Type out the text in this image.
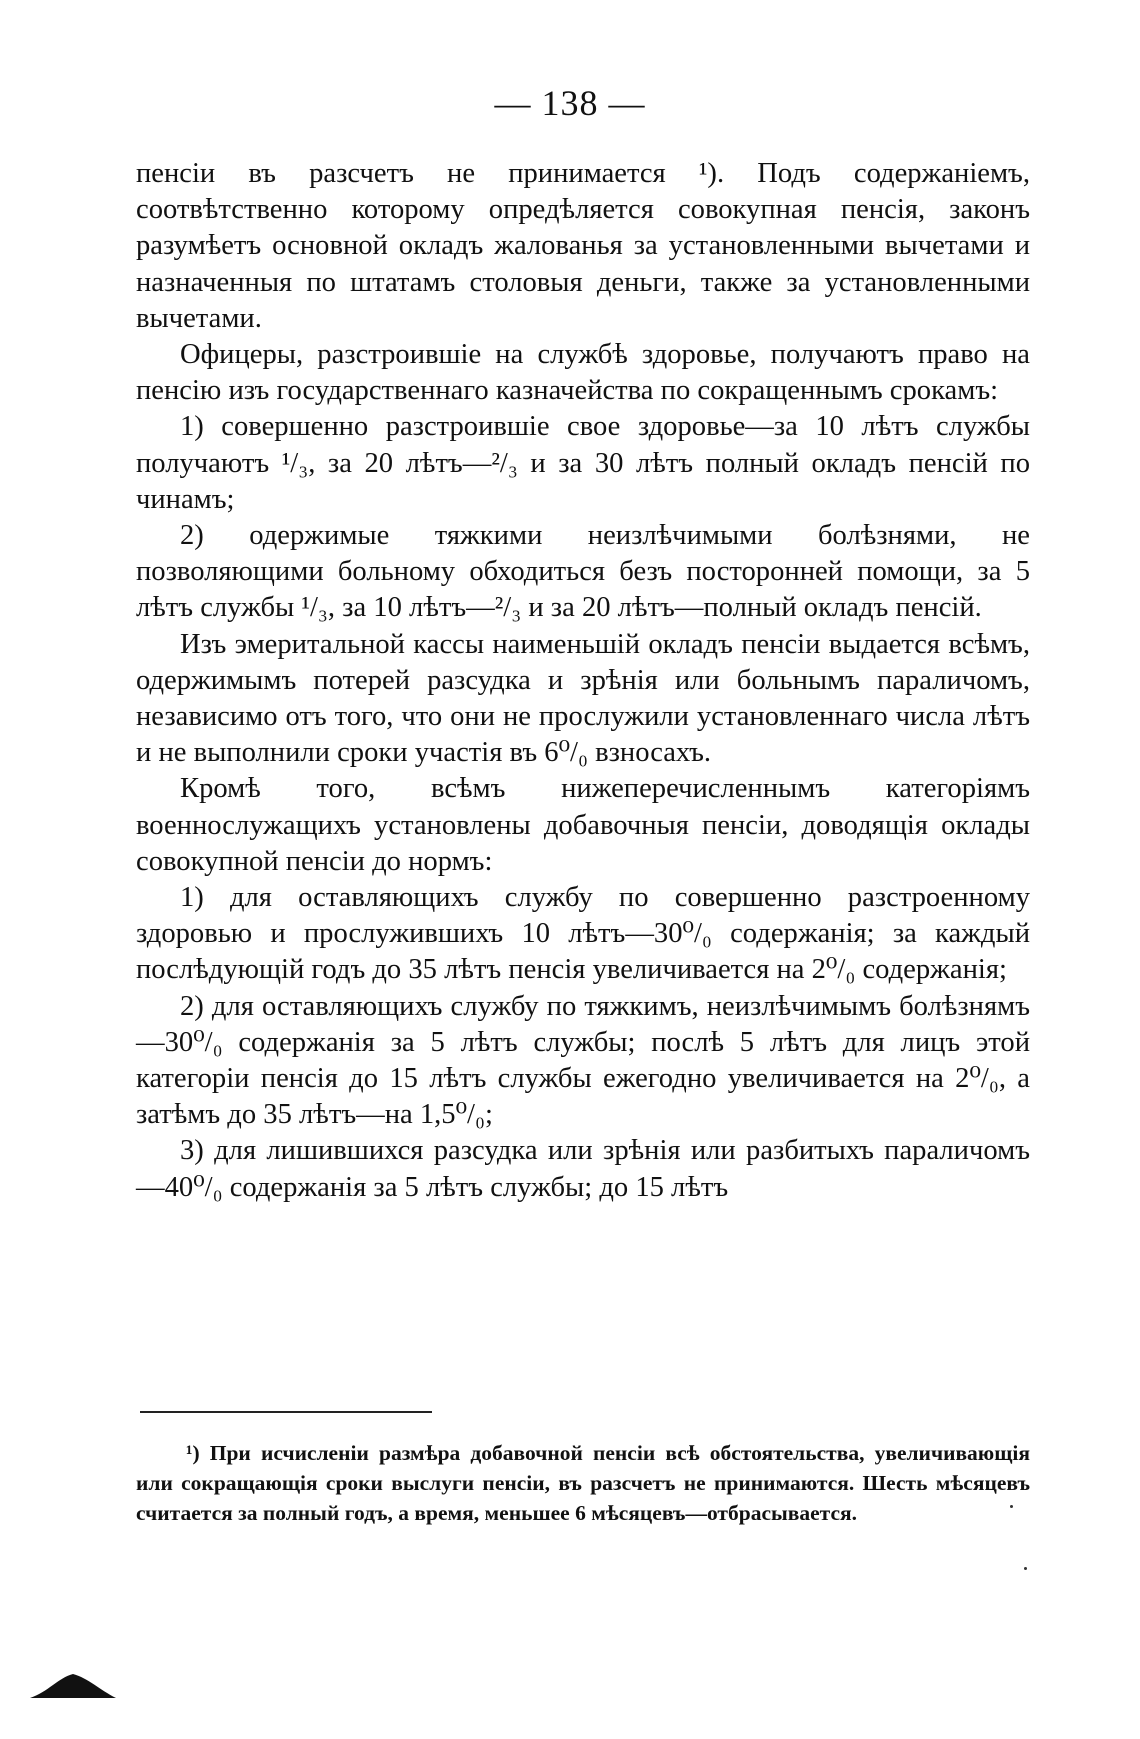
— 138 —

пенсіи въ разсчетъ не принимается ¹). Подъ содержаніемъ, соотвѣтственно которому опредѣляется совокупная пенсія, законъ разумѣетъ основной окладъ жалованья за установленными вычетами и назначенныя по штатамъ столовыя деньги, также за установленными вычетами.

Офицеры, разстроившіе на службѣ здоровье, получаютъ право на пенсію изъ государственнаго казначейства по сокращеннымъ срокамъ:

1) совершенно разстроившіе свое здоровье—за 10 лѣтъ службы получаютъ ¹/₃, за 20 лѣтъ—²/₃ и за 30 лѣтъ полный окладъ пенсій по чинамъ;

2) одержимые тяжкими неизлѣчимыми болѣзнями, не позволяющими больному обходиться безъ посторонней помощи, за 5 лѣтъ службы ¹/₃, за 10 лѣтъ—²/₃ и за 20 лѣтъ—полный окладъ пенсій.

Изъ эмеритальной кассы наименьшій окладъ пенсіи выдается всѣмъ, одержимымъ потерей разсудка и зрѣнія или больнымъ параличомъ, независимо отъ того, что они не прослужили установленнаго числа лѣтъ и не выполнили сроки участія въ 6⁰/₀ взносахъ.

Кромѣ того, всѣмъ нижеперечисленнымъ категоріямъ военнослужащихъ установлены добавочныя пенсіи, доводящія оклады совокупной пенсіи до нормъ:

1) для оставляющихъ службу по совершенно разстроенному здоровью и прослужившихъ 10 лѣтъ—30⁰/₀ содержанія; за каждый послѣдующій годъ до 35 лѣтъ пенсія увеличивается на 2⁰/₀ содержанія;

2) для оставляющихъ службу по тяжкимъ, неизлѣчимымъ болѣзнямъ—30⁰/₀ содержанія за 5 лѣтъ службы; послѣ 5 лѣтъ для лицъ этой категоріи пенсія до 15 лѣтъ службы ежегодно увеличивается на 2⁰/₀, а затѣмъ до 35 лѣтъ—на 1,5⁰/₀;

3) для лишившихся разсудка или зрѣнія или разбитыхъ параличомъ—40⁰/₀ содержанія за 5 лѣтъ службы; до 15 лѣтъ

¹) При исчисленіи размѣра добавочной пенсіи всѣ обстоятельства, увеличивающія или сокращающія сроки выслуги пенсіи, въ разсчетъ не принимаются. Шесть мѣсяцевъ считается за полный годъ, а время, меньшее 6 мѣсяцевъ—отбрасывается.
